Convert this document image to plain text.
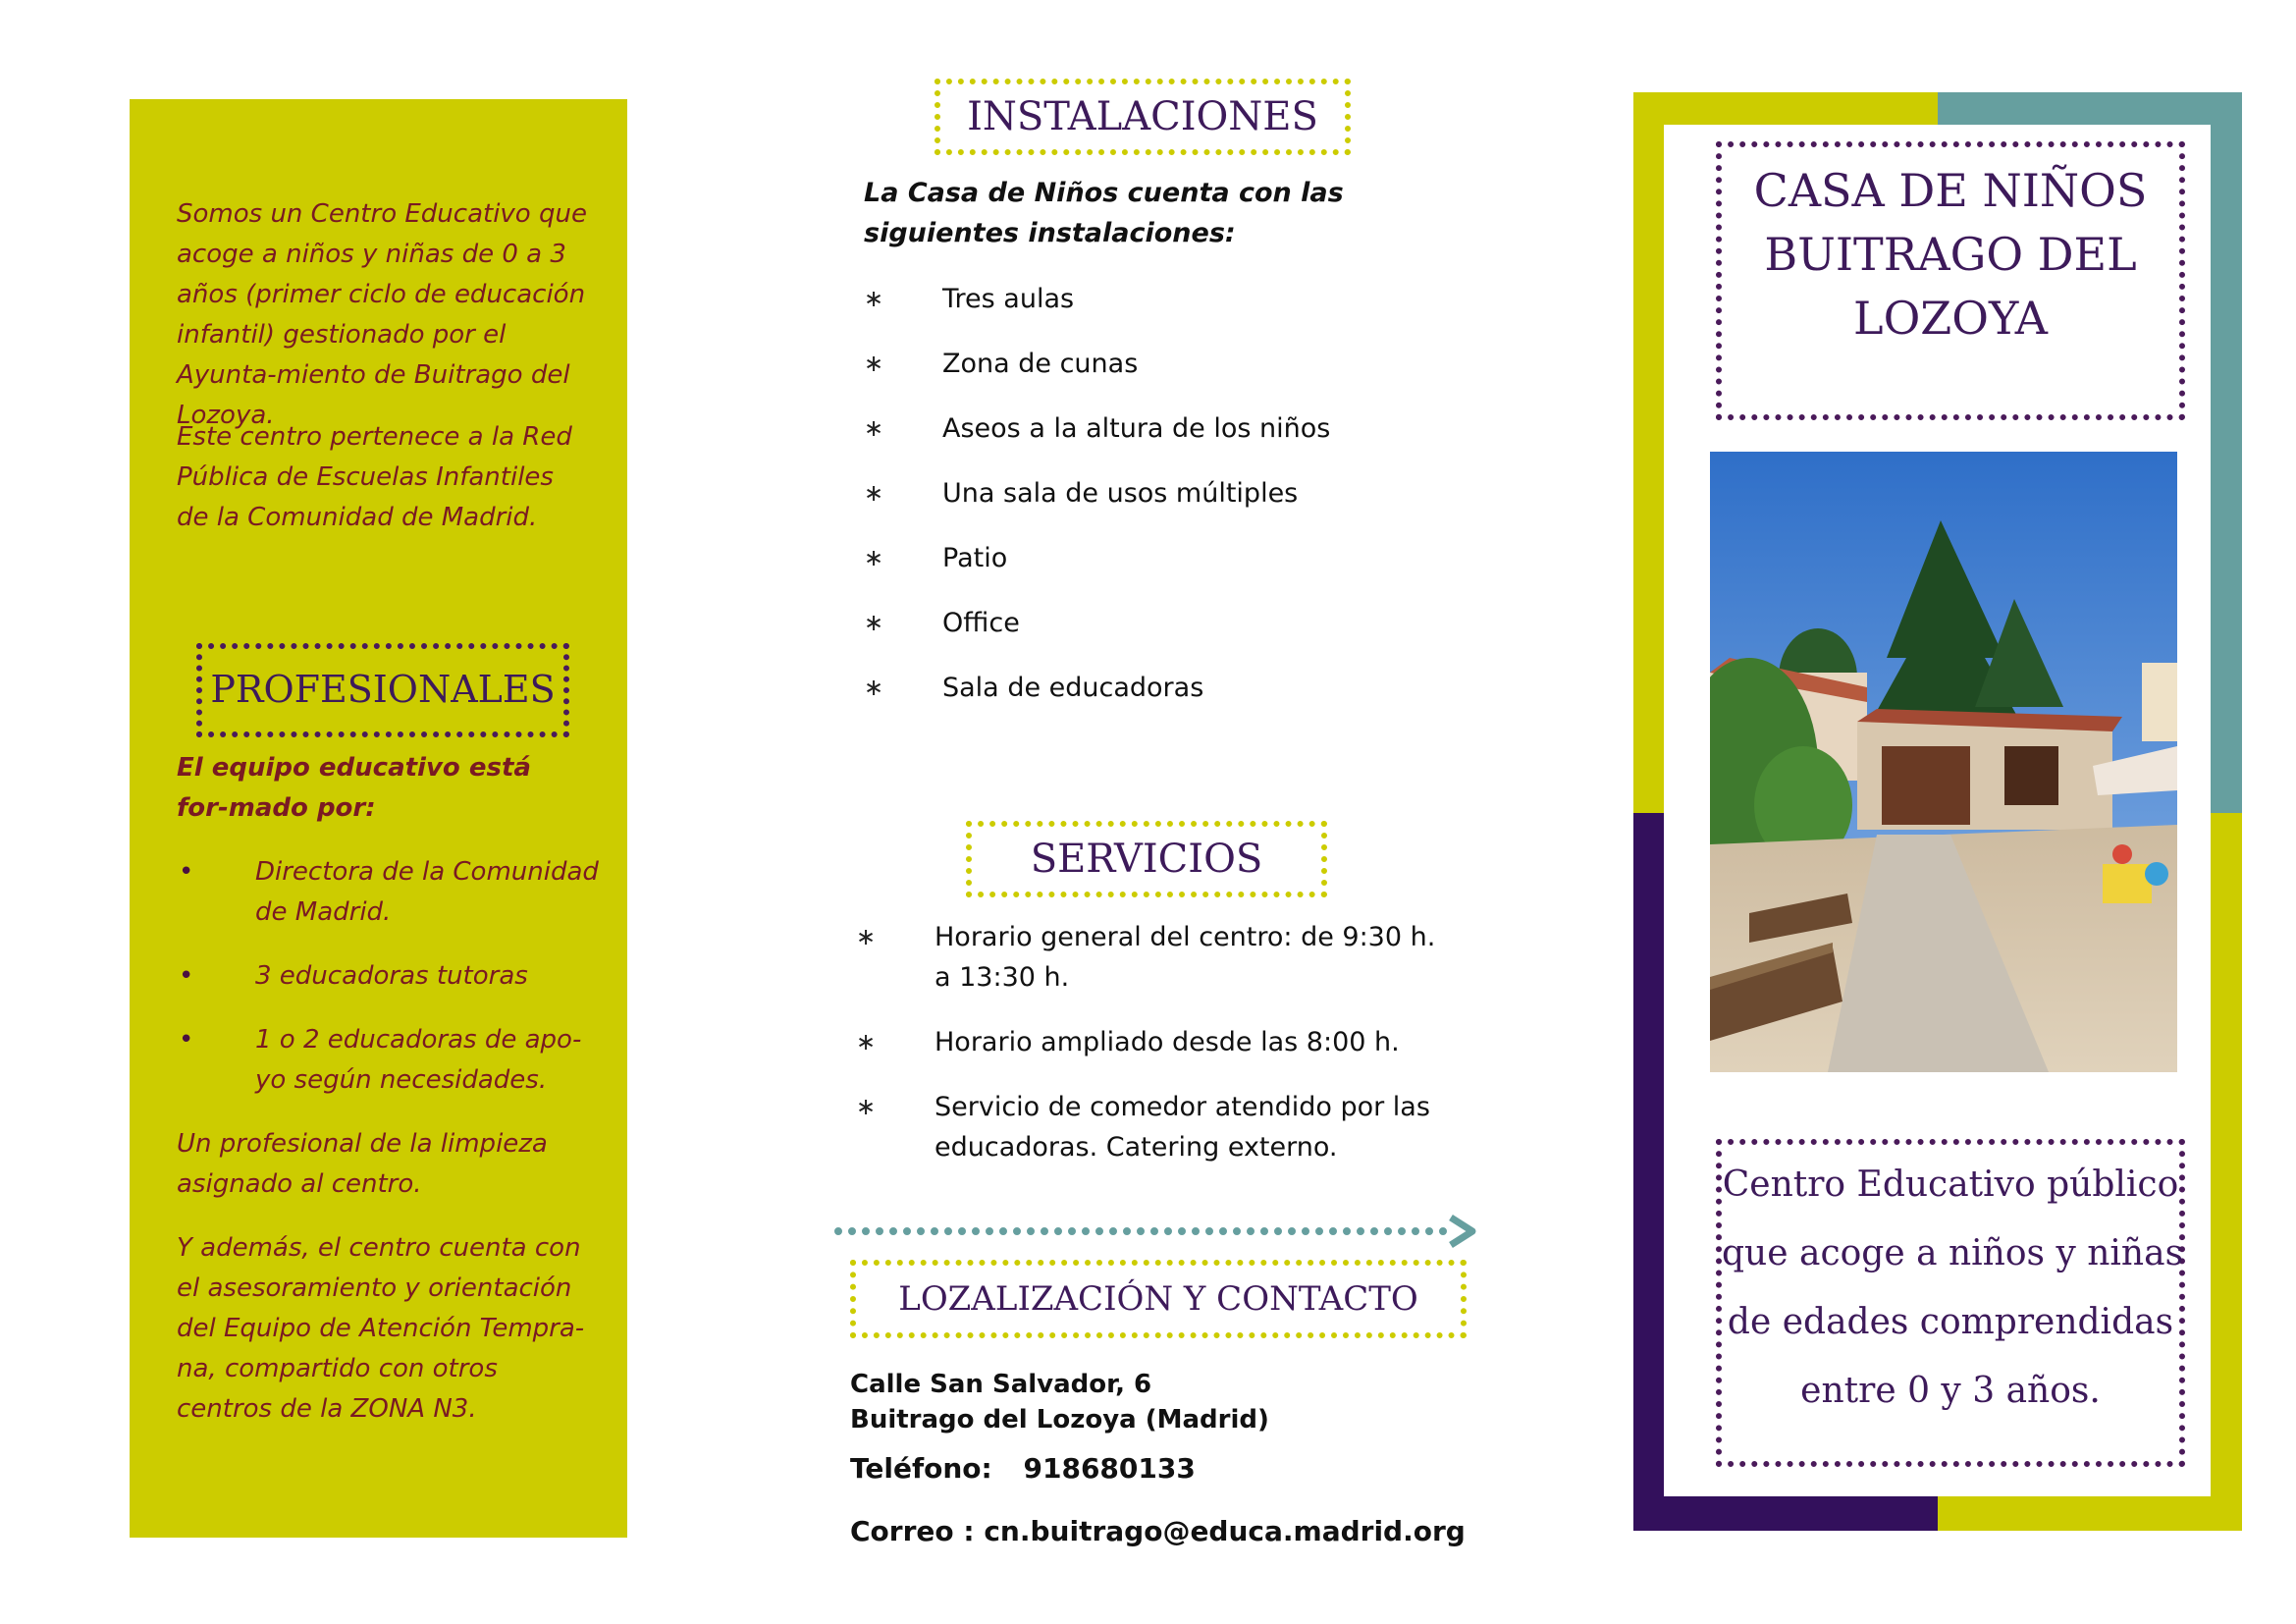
Somos un Centro Educativo que acoge a niños y niñas de 0 a 3 años (primer ciclo de educación infantil) gestionado por el Ayunta-miento de Buitrago del Lozoya.
Este centro pertenece a la Red Pública de Escuelas Infantiles de la Comunidad de Madrid.
PROFESIONALES
El equipo educativo está for-mado por:
• Directora de la Comunidad de Madrid.
• 3 educadoras tutoras
• 1 o 2 educadoras de apo-yo según necesidades.
Un profesional de la limpieza asignado al centro.
Y además, el centro cuenta con el asesoramiento y orientación del Equipo de Atención Tempra-na, compartido con otros centros de la ZONA N3.
INSTALACIONES
La Casa de Niños cuenta con las siguientes instalaciones:
∗ Tres aulas
∗ Zona de cunas
∗ Aseos a la altura de los niños
∗ Una sala de usos múltiples
∗ Patio
∗ Office
∗ Sala de educadoras
SERVICIOS
∗ Horario general del centro: de 9:30 h. a 13:30 h.
∗ Horario ampliado desde las 8:00 h.
∗ Servicio de comedor atendido por las educadoras. Catering externo.
LOZALIZACIÓN Y CONTACTO
Calle San Salvador, 6
Buitrago del Lozoya (Madrid)
Teléfono: 918680133
Correo : cn.buitrago@educa.madrid.org
CASA DE NIÑOS
BUITRAGO DEL
LOZOYA
Centro Educativo público
que acoge a niños y niñas
de edades comprendidas
entre 0 y 3 años.
